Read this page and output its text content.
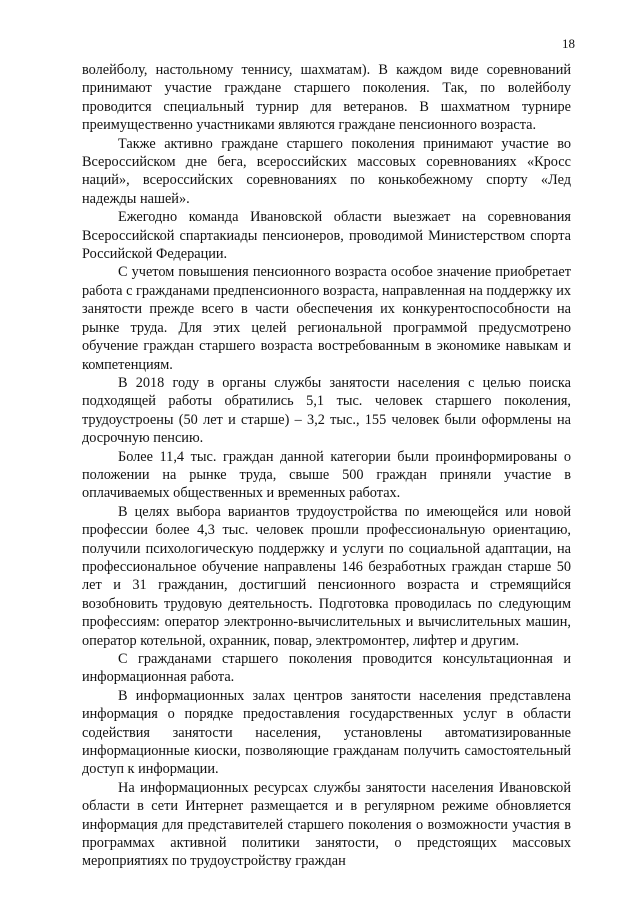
18

волейболу, настольному теннису, шахматам). В каждом виде соревнований принимают участие граждане старшего поколения. Так, по волейболу проводится специальный турнир для ветеранов. В шахматном турнире преимущественно участниками являются граждане пенсионного возраста.

Также активно граждане старшего поколения принимают участие во Всероссийском дне бега, всероссийских массовых соревнованиях «Кросс наций», всероссийских соревнованиях по конькобежному спорту «Лед надежды нашей».

Ежегодно команда Ивановской области выезжает на соревнования Всероссийской спартакиады пенсионеров, проводимой Министерством спорта Российской Федерации.

С учетом повышения пенсионного возраста особое значение приобретает работа с гражданами предпенсионного возраста, направленная на поддержку их занятости прежде всего в части обеспечения их конкурентоспособности на рынке труда. Для этих целей региональной программой предусмотрено обучение граждан старшего возраста востребованным в экономике навыкам и компетенциям.

В 2018 году в органы службы занятости населения с целью поиска подходящей работы обратились 5,1 тыс. человек старшего поколения, трудоустроены (50 лет и старше) – 3,2 тыс., 155 человек были оформлены на досрочную пенсию.

Более 11,4 тыс. граждан данной категории были проинформированы о положении на рынке труда, свыше 500 граждан приняли участие в оплачиваемых общественных и временных работах.

В целях выбора вариантов трудоустройства по имеющейся или новой профессии более 4,3 тыс. человек прошли профессиональную ориентацию, получили психологическую поддержку и услуги по социальной адаптации, на профессиональное обучение направлены 146 безработных граждан старше 50 лет и 31 гражданин, достигший пенсионного возраста и стремящийся возобновить трудовую деятельность. Подготовка проводилась по следующим профессиям: оператор электронно-вычислительных и вычислительных машин, оператор котельной, охранник, повар, электромонтер, лифтер и другим.

С гражданами старшего поколения проводится консультационная и информационная работа.

В информационных залах центров занятости населения представлена информация о порядке предоставления государственных услуг в области содействия занятости населения, установлены автоматизированные информационные киоски, позволяющие гражданам получить самостоятельный доступ к информации.

На информационных ресурсах службы занятости населения Ивановской области в сети Интернет размещается и в регулярном режиме обновляется информация для представителей старшего поколения о возможности участия в программах активной политики занятости, о предстоящих массовых мероприятиях по трудоустройству граждан
